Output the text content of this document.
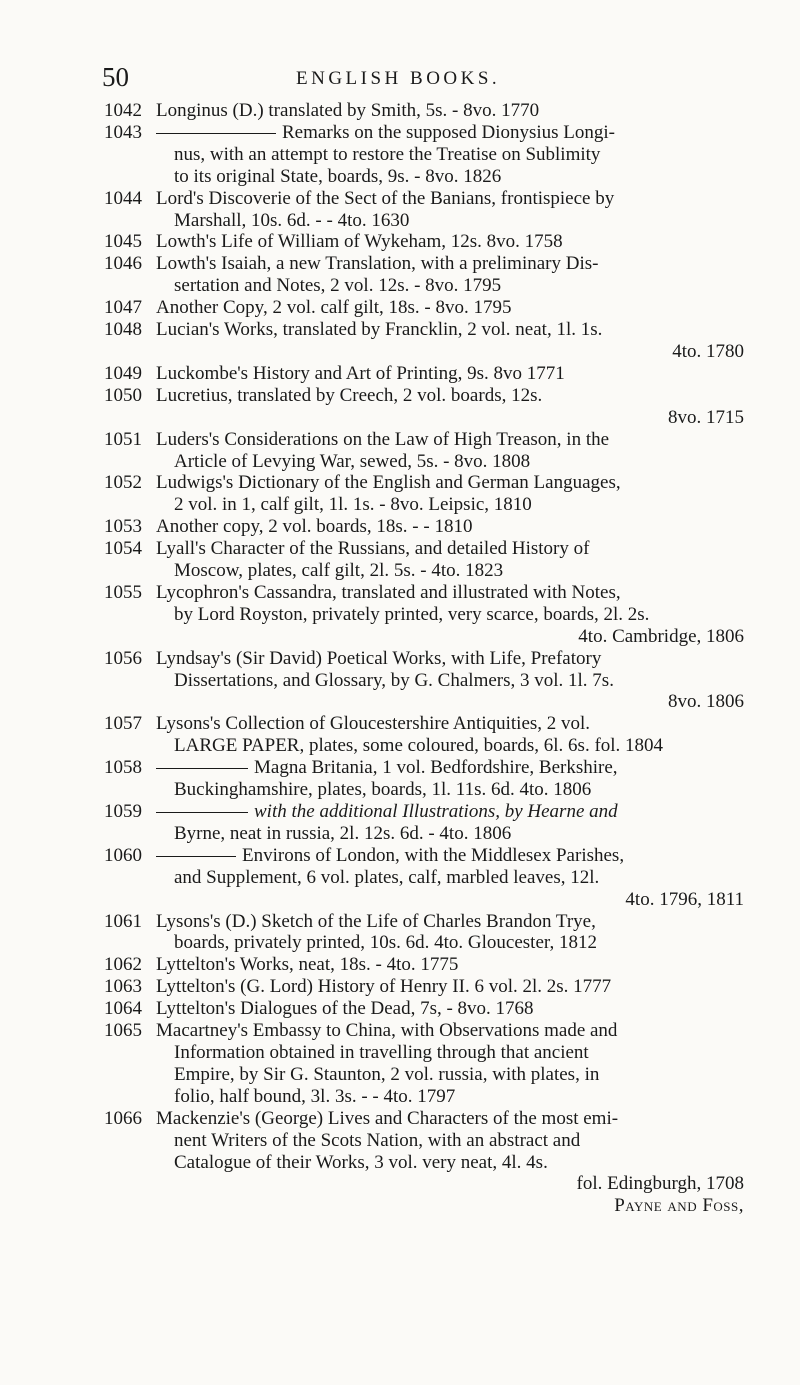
50	ENGLISH BOOKS.
1042 Longinus (D.) translated by Smith, 5s. - 8vo. 1770
1043	Remarks on the supposed Dionysius Longi-
nus, with an attempt to restore the Treatise on Sublimity
to its original State, boards, 9s. - 8vo. 1826
1044 Lord's Discoverie of the Sect of the Banians, frontispiece by
Marshall, 10s. 6d. - - 4to. 1630
1045 Lowth's Life of William of Wykeham, 12s. 8vo. 1758
1046 Lowth's Isaiah, a new Translation, with a preliminary Dis-
sertation and Notes, 2 vol. 12s. - 8vo. 1795
1047 Another Copy, 2 vol. calf gilt, 18s. - 8vo. 1795
1048 Lucian's Works, translated by Francklin, 2 vol. neat, 1l. 1s.
4to. 1780
1049 Luckombe's History and Art of Printing, 9s. 8vo 1771
1050 Lucretius, translated by Creech, 2 vol. boards, 12s.
8vo. 1715
1051 Luders's Considerations on the Law of High Treason, in the
Article of Levying War, sewed, 5s. - 8vo. 1808
1052 Ludwigs's Dictionary of the English and German Languages,
2 vol. in 1, calf gilt, 1l. 1s. - 8vo. Leipsic, 1810
1053 Another copy, 2 vol. boards, 18s. - - 1810
1054 Lyall's Character of the Russians, and detailed History of
Moscow, plates, calf gilt, 2l. 5s. - 4to. 1823
1055 Lycophron's Cassandra, translated and illustrated with Notes,
by Lord Royston, privately printed, very scarce, boards, 2l. 2s.
4to. Cambridge, 1806
1056 Lyndsay's (Sir David) Poetical Works, with Life, Prefatory
Dissertations, and Glossary, by G. Chalmers, 3 vol. 1l. 7s.
8vo. 1806
1057 Lysons's Collection of Gloucestershire Antiquities, 2 vol.
LARGE PAPER, plates, some coloured, boards, 6l. 6s. fol. 1804
1058	Magna Britania, 1 vol. Bedfordshire, Berkshire,
Buckinghamshire, plates, boards, 1l. 11s. 6d. 4to. 1806
1059	with the additional Illustrations, by Hearne and
Byrne, neat in russia, 2l. 12s. 6d. - 4to. 1806
1060	Environs of London, with the Middlesex Parishes,
and Supplement, 6 vol. plates, calf, marbled leaves, 12l.
4to. 1796, 1811
1061 Lysons's (D.) Sketch of the Life of Charles Brandon Trye,
boards, privately printed, 10s. 6d. 4to. Gloucester, 1812
1062 Lyttelton's Works, neat, 18s. - 4to. 1775
1063 Lyttelton's (G. Lord) History of Henry II. 6 vol. 2l. 2s. 1777
1064 Lyttelton's Dialogues of the Dead, 7s, - 8vo. 1768
1065 Macartney's Embassy to China, with Observations made and
Information obtained in travelling through that ancient
Empire, by Sir G. Staunton, 2 vol. russia, with plates, in
folio, half bound, 3l. 3s. - - 4to. 1797
1066 Mackenzie's (George) Lives and Characters of the most emi-
nent Writers of the Scots Nation, with an abstract and
Catalogue of their Works, 3 vol. very neat, 4l. 4s.
fol. Edingburgh, 1708
Payne and Foss,
